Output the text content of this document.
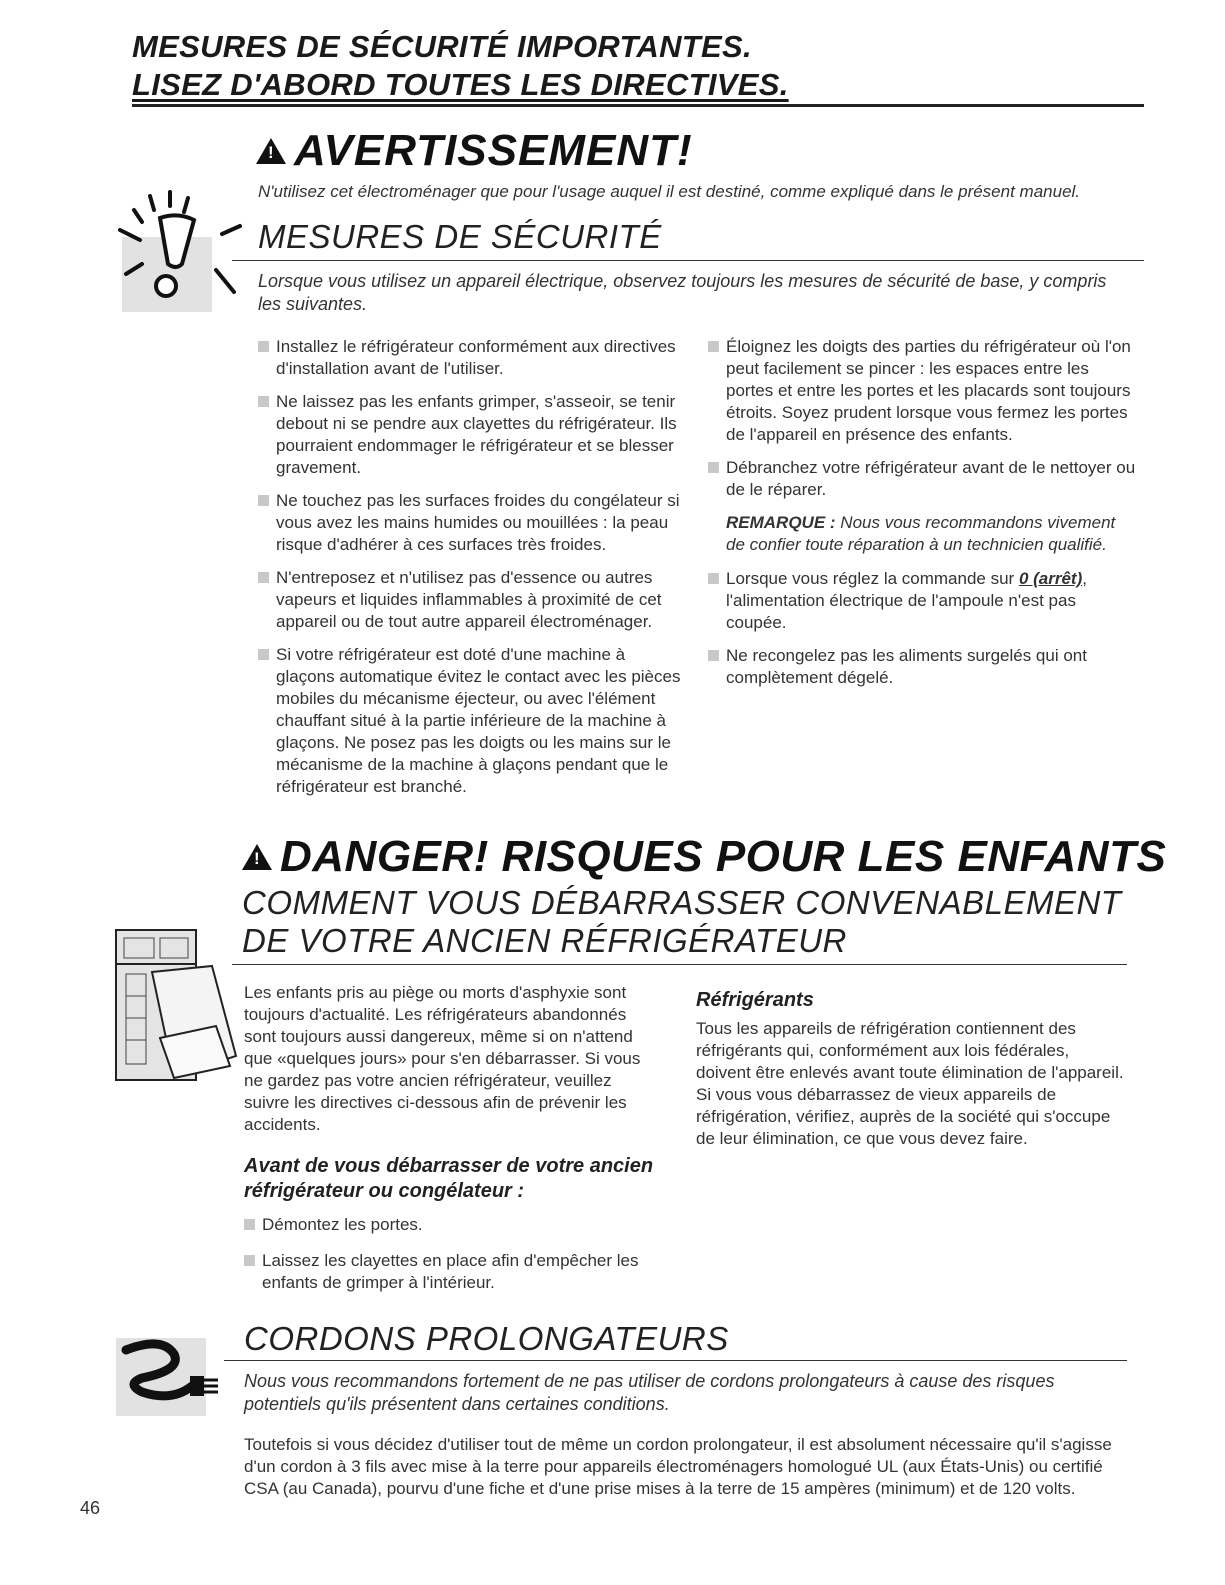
MESURES DE SÉCURITÉ IMPORTANTES.
LISEZ D'ABORD TOUTES LES DIRECTIVES.
!
AVERTISSEMENT!
N'utilisez cet électroménager que pour l'usage auquel il est destiné, comme expliqué dans le présent manuel.
MESURES DE SÉCURITÉ
Lorsque vous utilisez un appareil électrique, observez toujours les mesures de sécurité de base, y compris les suivantes.
Installez le réfrigérateur conformément aux directives d'installation avant de l'utiliser.
Ne laissez pas les enfants grimper, s'asseoir, se tenir debout ni se pendre aux clayettes du réfrigérateur. Ils pourraient endommager le réfrigérateur et se blesser gravement.
Ne touchez pas les surfaces froides du congélateur si vous avez les mains humides ou mouillées : la peau risque d'adhérer à ces surfaces très froides.
N'entreposez et n'utilisez pas d'essence ou autres vapeurs et liquides inflammables à proximité de cet appareil ou de tout autre appareil électroménager.
Si votre réfrigérateur est doté d'une machine à glaçons automatique évitez le contact avec les pièces mobiles du mécanisme éjecteur, ou avec l'élément chauffant situé à la partie inférieure de la machine à glaçons. Ne posez pas les doigts ou les mains sur le mécanisme de la machine à glaçons pendant que le réfrigérateur est branché.
Éloignez les doigts des parties du réfrigérateur où l'on peut facilement se pincer : les espaces entre les portes et entre les portes et les placards sont toujours étroits. Soyez prudent lorsque vous fermez les portes de l'appareil en présence des enfants.
Débranchez votre réfrigérateur avant de le nettoyer ou de le réparer.
REMARQUE : Nous vous recommandons vivement de confier toute réparation à un technicien qualifié.
Lorsque vous réglez la commande sur 0 (arrêt), l'alimentation électrique de l'ampoule n'est pas coupée.
Ne recongelez pas les aliments surgelés qui ont complètement dégelé.
!
DANGER! RISQUES POUR LES ENFANTS
COMMENT VOUS DÉBARRASSER CONVENABLEMENT
DE VOTRE ANCIEN RÉFRIGÉRATEUR
Les enfants pris au piège ou morts d'asphyxie sont toujours d'actualité. Les réfrigérateurs abandonnés sont toujours aussi dangereux, même si on n'attend que «quelques jours» pour s'en débarrasser. Si vous ne gardez pas votre ancien réfrigérateur, veuillez suivre les directives ci-dessous afin de prévenir les accidents.
Avant de vous débarrasser de votre ancien réfrigérateur ou congélateur :
Démontez les portes.
Laissez les clayettes en place afin d'empêcher les enfants de grimper à l'intérieur.
Réfrigérants
Tous les appareils de réfrigération contiennent des réfrigérants qui, conformément aux lois fédérales, doivent être enlevés avant toute élimination de l'appareil. Si vous vous débarrassez de vieux appareils de réfrigération, vérifiez, auprès de la société qui s'occupe de leur élimination, ce que vous devez faire.
CORDONS PROLONGATEURS
Nous vous recommandons fortement de ne pas utiliser de cordons prolongateurs à cause des risques potentiels qu'ils présentent dans certaines conditions.
Toutefois si vous décidez d'utiliser tout de même un cordon prolongateur, il est absolument nécessaire qu'il s'agisse d'un cordon à 3 fils avec mise à la terre pour appareils électroménagers homologué UL (aux États-Unis) ou certifié CSA (au Canada), pourvu d'une fiche et d'une prise mises à la terre de 15 ampères (minimum) et de 120 volts.
46
